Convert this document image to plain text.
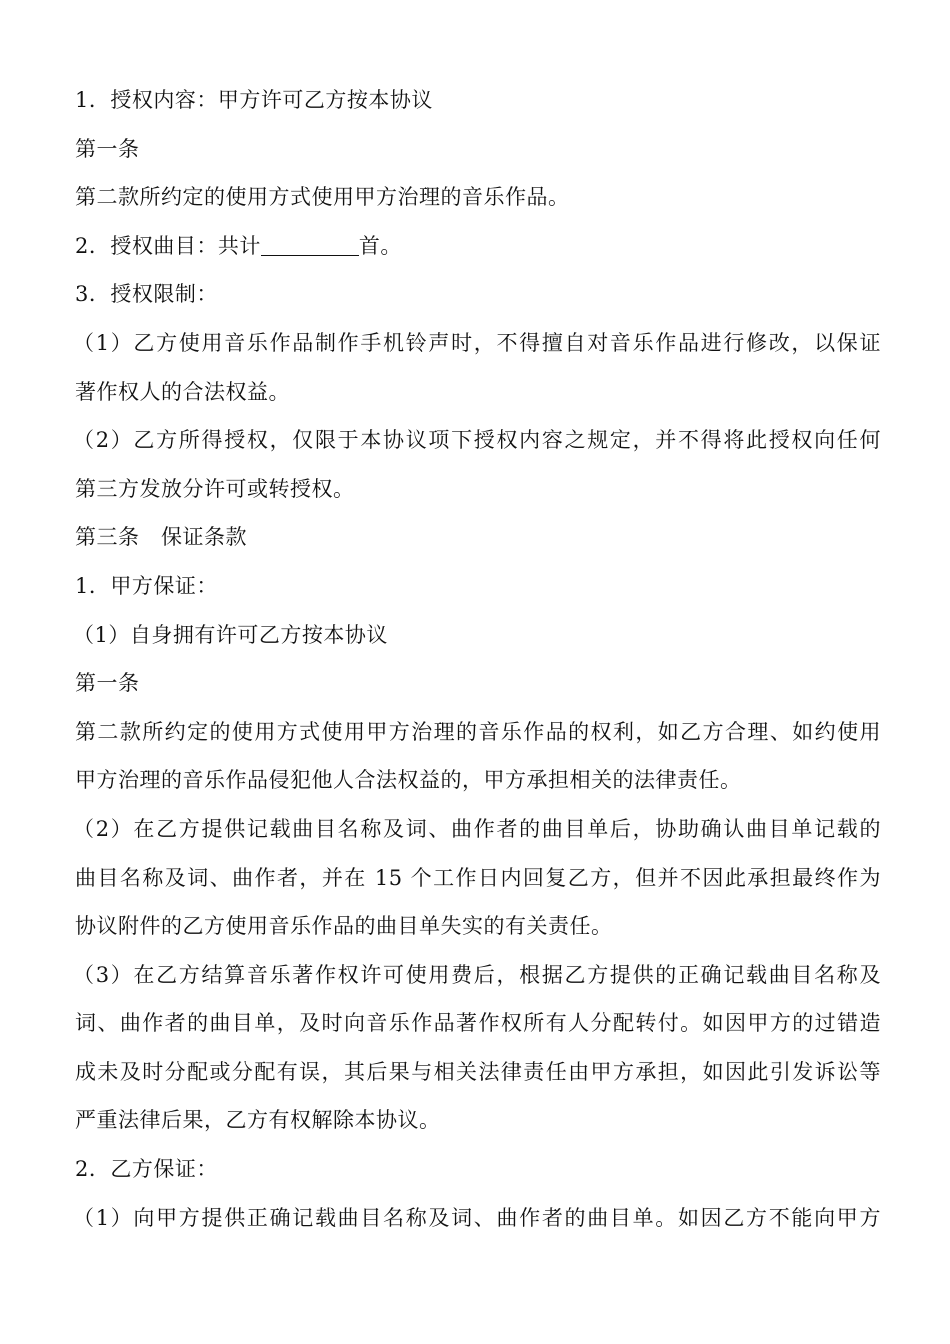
1．授权内容：甲方许可乙方按本协议
第一条
第二款所约定的使用方式使用甲方治理的音乐作品。
2．授权曲目：共计	首。
3．授权限制：
（1）乙方使用音乐作品制作手机铃声时，不得擅自对音乐作品进行修改，以保证
著作权人的合法权益。
（2）乙方所得授权，仅限于本协议项下授权内容之规定，并不得将此授权向任何
第三方发放分许可或转授权。
第三条　保证条款
1．甲方保证：
（1）自身拥有许可乙方按本协议
第一条
第二款所约定的使用方式使用甲方治理的音乐作品的权利，如乙方合理、如约使用
甲方治理的音乐作品侵犯他人合法权益的，甲方承担相关的法律责任。
（2）在乙方提供记载曲目名称及词、曲作者的曲目单后，协助确认曲目单记载的
曲目名称及词、曲作者，并在 15 个工作日内回复乙方，但并不因此承担最终作为
协议附件的乙方使用音乐作品的曲目单失实的有关责任。
（3）在乙方结算音乐著作权许可使用费后，根据乙方提供的正确记载曲目名称及
词、曲作者的曲目单，及时向音乐作品著作权所有人分配转付。如因甲方的过错造
成未及时分配或分配有误，其后果与相关法律责任由甲方承担，如因此引发诉讼等
严重法律后果，乙方有权解除本协议。
2．乙方保证：
（1）向甲方提供正确记载曲目名称及词、曲作者的曲目单。如因乙方不能向甲方
